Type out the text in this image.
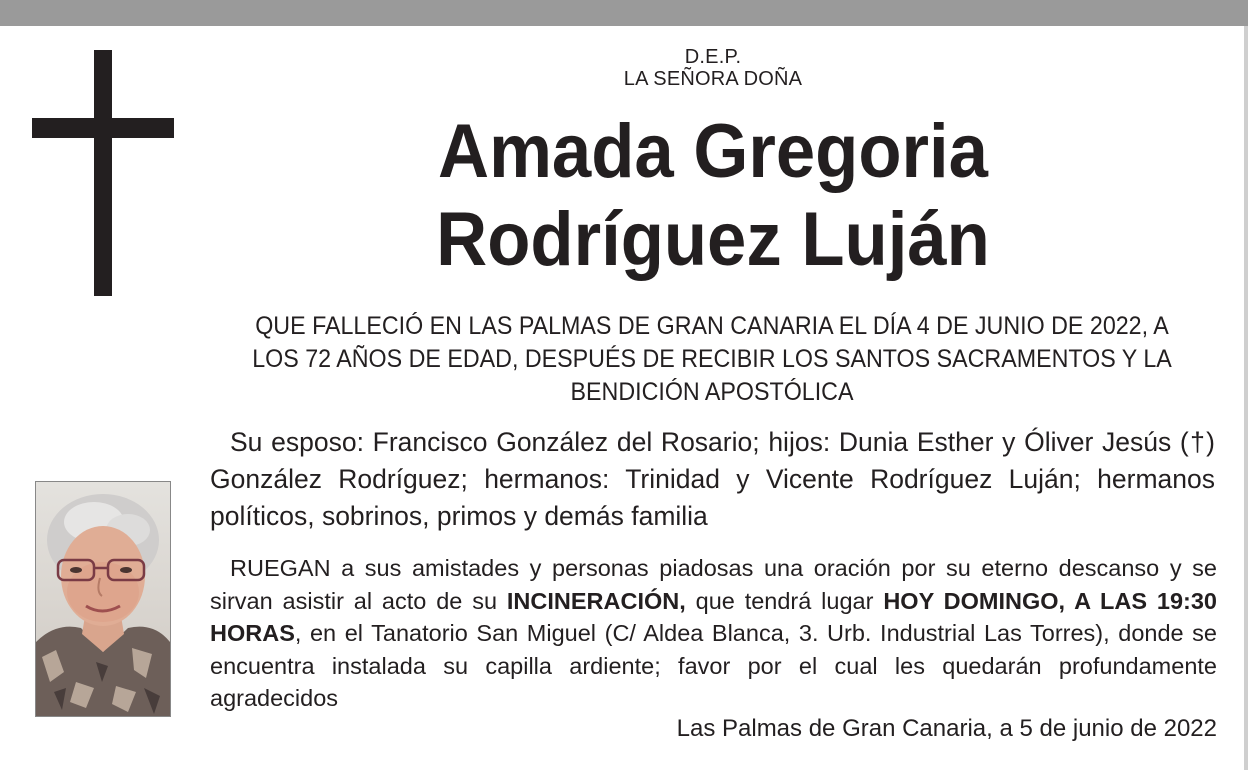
D.E.P.
LA SEÑORA DOÑA
Amada Gregoria
Rodríguez Luján
QUE FALLECIÓ EN LAS PALMAS DE GRAN CANARIA EL DÍA 4 DE JUNIO DE 2022, A
LOS 72 AÑOS DE EDAD, DESPUÉS DE RECIBIR LOS SANTOS SACRAMENTOS Y LA
BENDICIÓN APOSTÓLICA
Su esposo: Francisco González del Rosario; hijos: Dunia Esther y Óliver Jesús (†) González Rodríguez; hermanos: Trinidad y Vicente Rodríguez Luján; hermanos políticos, sobrinos, primos y demás familia
RUEGAN a sus amistades y personas piadosas una oración por su eterno descanso y se sirvan asistir al acto de su INCINERACIÓN, que tendrá lugar HOY DOMINGO, A LAS 19:30 HORAS, en el Tanatorio San Miguel (C/ Aldea Blanca, 3. Urb. Industrial Las Torres), donde se encuentra instalada su capilla ardiente; favor por el cual les quedarán profundamente agradecidos
Las Palmas de Gran Canaria, a 5 de junio de 2022
